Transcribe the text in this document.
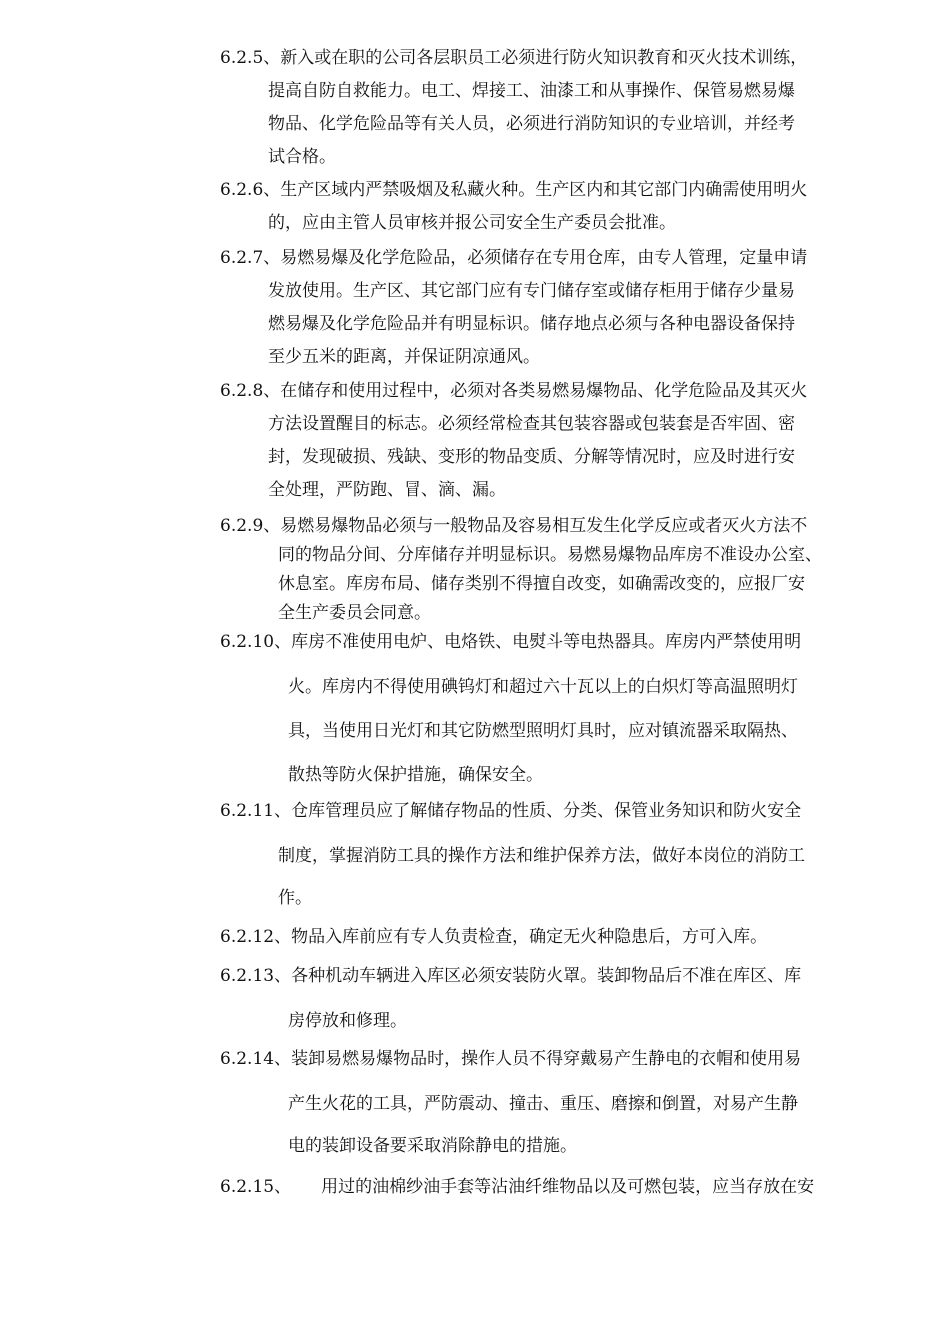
6.2.5、新入或在职的公司各层职员工必须进行防火知识教育和灭火技术训练，
提高自防自救能力。电工、焊接工、油漆工和从事操作、保管易燃易爆
物品、化学危险品等有关人员，必须进行消防知识的专业培训，并经考
试合格。
6.2.6、生产区域内严禁吸烟及私藏火种。生产区内和其它部门内确需使用明火
的，应由主管人员审核并报公司安全生产委员会批准。
6.2.7、易燃易爆及化学危险品，必须储存在专用仓库，由专人管理，定量申请
发放使用。生产区、其它部门应有专门储存室或储存柜用于储存少量易
燃易爆及化学危险品并有明显标识。储存地点必须与各种电器设备保持
至少五米的距离，并保证阴凉通风。
6.2.8、在储存和使用过程中，必须对各类易燃易爆物品、化学危险品及其灭火
方法设置醒目的标志。必须经常检查其包装容器或包装套是否牢固、密
封，发现破损、残缺、变形的物品变质、分解等情况时，应及时进行安
全处理，严防跑、冒、滴、漏。
6.2.9、易燃易爆物品必须与一般物品及容易相互发生化学反应或者灭火方法不
同的物品分间、分库储存并明显标识。易燃易爆物品库房不准设办公室、
休息室。库房布局、储存类别不得擅自改变，如确需改变的，应报厂安
全生产委员会同意。
6.2.10、库房不准使用电炉、电烙铁、电熨斗等电热器具。库房内严禁使用明
火。库房内不得使用碘钨灯和超过六十瓦以上的白炽灯等高温照明灯
具，当使用日光灯和其它防燃型照明灯具时，应对镇流器采取隔热、
散热等防火保护措施，确保安全。
6.2.11、仓库管理员应了解储存物品的性质、分类、保管业务知识和防火安全
制度，掌握消防工具的操作方法和维护保养方法，做好本岗位的消防工
作。
6.2.12、物品入库前应有专人负责检查，确定无火种隐患后，方可入库。
6.2.13、各种机动车辆进入库区必须安装防火罩。装卸物品后不准在库区、库
房停放和修理。
6.2.14、装卸易燃易爆物品时，操作人员不得穿戴易产生静电的衣帽和使用易
产生火花的工具，严防震动、撞击、重压、磨擦和倒置，对易产生静
电的装卸设备要采取消除静电的措施。
6.2.15、 用过的油棉纱油手套等沾油纤维物品以及可燃包装，应当存放在安
